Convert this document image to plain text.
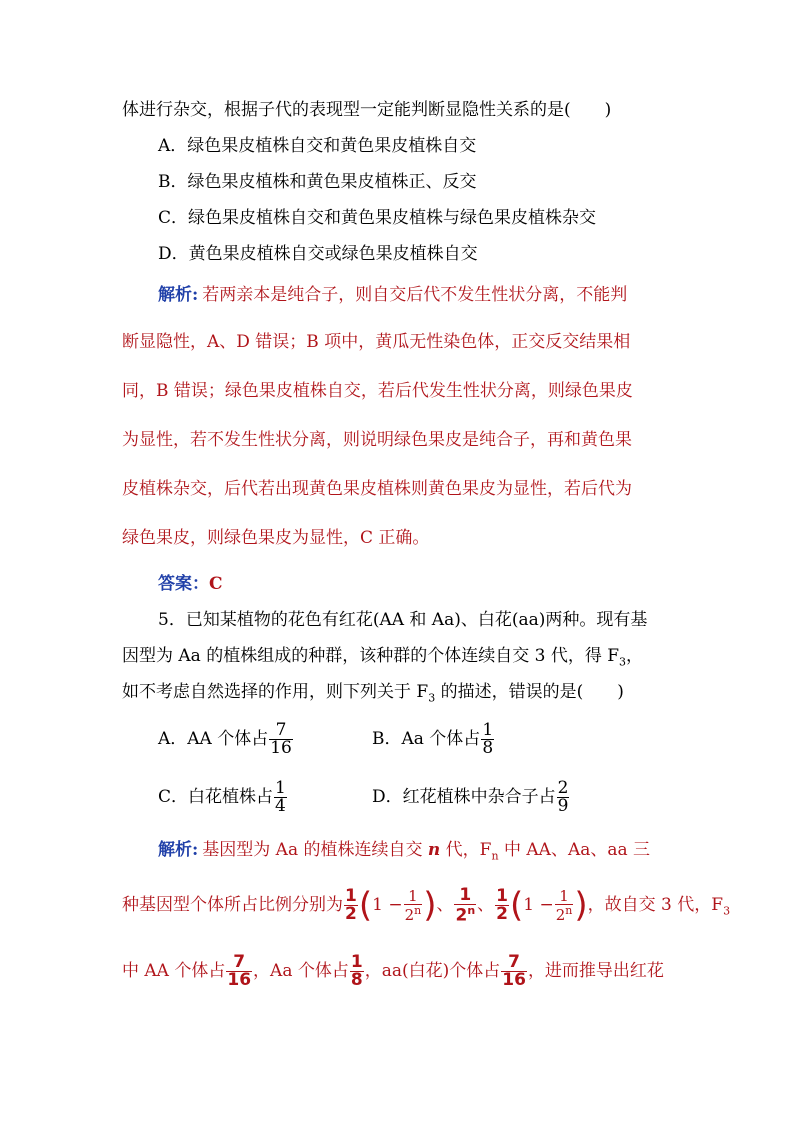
体进行杂交，根据子代的表现型一定能判断显隐性关系的是(　　)
A．绿色果皮植株自交和黄色果皮植株自交
B．绿色果皮植株和黄色果皮植株正、反交
C．绿色果皮植株自交和黄色果皮植株与绿色果皮植株杂交
D．黄色果皮植株自交或绿色果皮植株自交
解析: 若两亲本是纯合子，则自交后代不发生性状分离，不能判
断显隐性，A、D 错误；B 项中，黄瓜无性染色体，正交反交结果相
同，B 错误；绿色果皮植株自交，若后代发生性状分离，则绿色果皮
为显性，若不发生性状分离，则说明绿色果皮是纯合子，再和黄色果
皮植株杂交，后代若出现黄色果皮植株则黄色果皮为显性，若后代为
绿色果皮，则绿色果皮为显性，C 正确。
答案：C
5．已知某植物的花色有红花(AA 和 Aa)、白花(aa)两种。现有基
因型为 Aa 的植株组成的种群，该种群的个体连续自交 3 代，得 $F_3$，
如不考虑自然选择的作用，则下列关于 $F_3$ 的描述，错误的是(　　)
A．AA 个体占 $\frac{7}{16}$	B．Aa 个体占 $\frac{1}{8}$
C．白花植株占 $\frac{1}{4}$	D．红花植株中杂合子占 $\frac{2}{9}$
解析: 基因型为 Aa 的植株连续自交 n 代，$F_n$ 中 AA、Aa、aa 三
种基因型个体所占比例分别为 $\frac{1}{2} (1 - \frac{1}{2^n}$ )、 $\frac{1}{2^n}$ 、 $\frac{1}{2} (1 - \frac{1}{2^n}$ )，故自交 3 代，$F_3$
中 AA 个体占 $\frac{7}{16}$ ，Aa 个体占 $\frac{1}{8}$ ，aa(白花)个体占 $\frac{7}{16}$ ，进而推导出红花
